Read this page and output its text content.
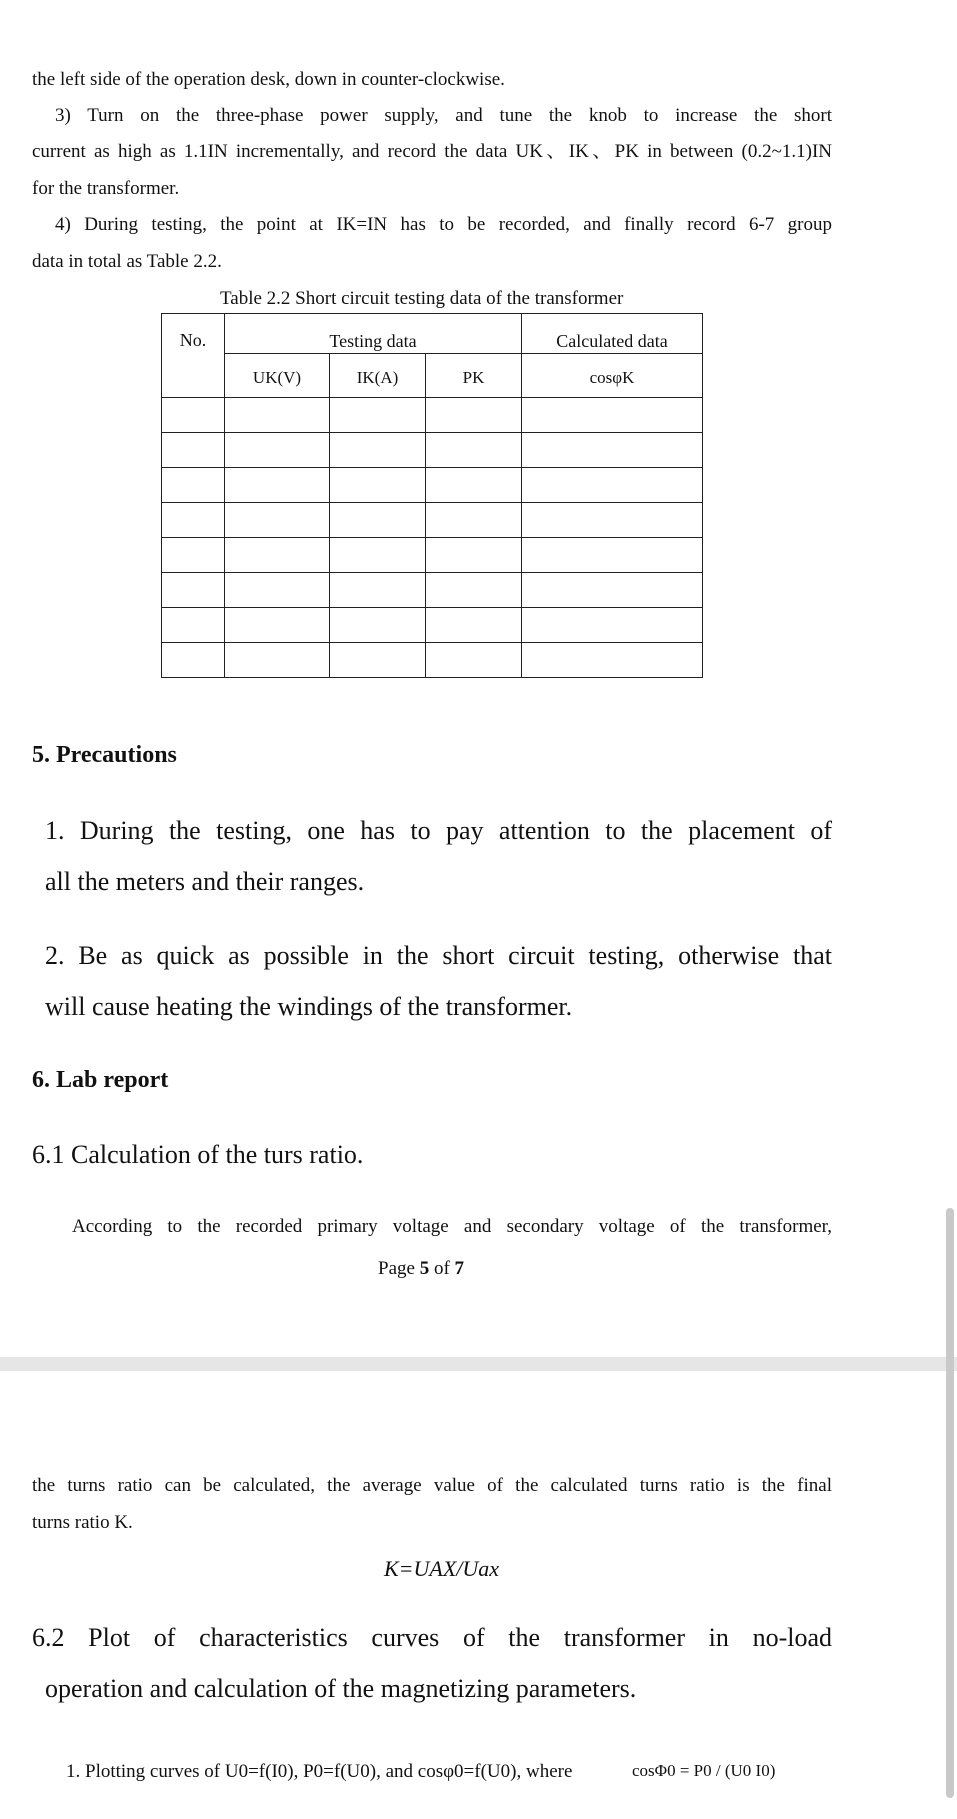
the left side of the operation desk, down in counter-clockwise.
3) Turn on the three-phase power supply, and tune the knob to increase the short
current as high as 1.1IN incrementally, and record the data UK、IK、PK in between (0.2~1.1)IN
for the transformer.
4) During testing, the point at IK=IN has to be recorded, and finally record 6-7 group
data in total as Table 2.2.
Table 2.2 Short circuit testing data of the transformer
No.	Testing data			Calculated data
	UK(V)	IK(A)	PK	cosφK

5. Precautions
1. During the testing, one has to pay attention to the placement of
all the meters and their ranges.
2. Be as quick as possible in the short circuit testing, otherwise that
will cause heating the windings of the transformer.
6. Lab report
6.1 Calculation of the turs ratio.
According to the recorded primary voltage and secondary voltage of the transformer,
Page 5 of 7
the turns ratio can be calculated, the average value of the calculated turns ratio is the final
turns ratio K.
K=UAX/Uax
6.2 Plot of characteristics curves of the transformer in no-load
operation and calculation of the magnetizing parameters.
1. Plotting curves of U0=f(I0), P0=f(U0), and cosφ0=f(U0), where	cosΦ0 = P0 / (U0 I0)
